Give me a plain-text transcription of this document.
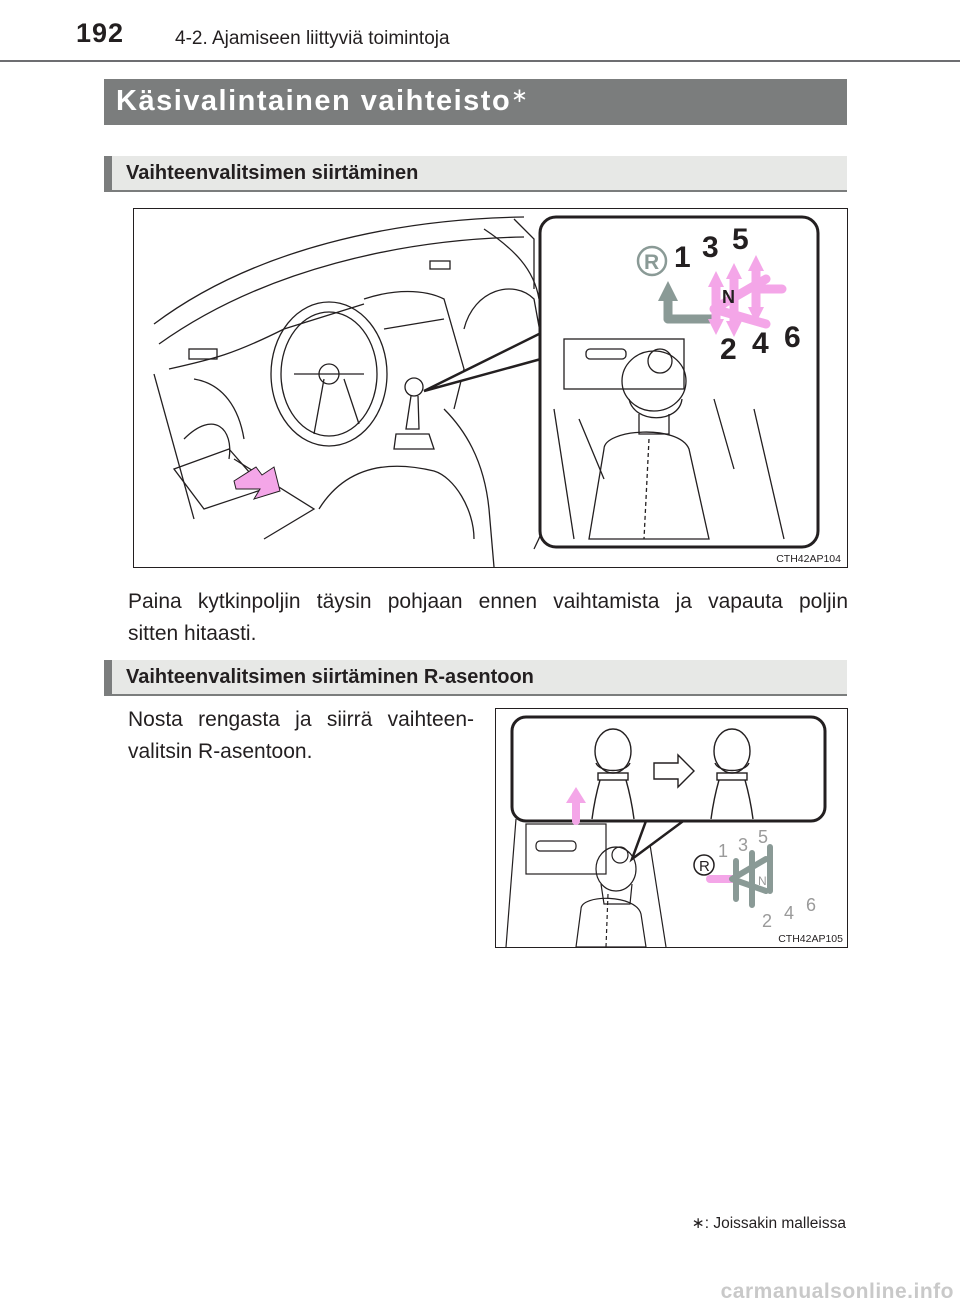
192	4-2. Ajamiseen liittyviä toimintoja
Käsivalintainen vaihteisto∗
Vaihteenvalitsimen siirtäminen
R 1 3 5
N
2 4 6
CTH42AP104
Paina kytkinpoljin täysin pohjaan ennen vaihtamista ja vapauta poljin
sitten hitaasti.
Vaihteenvalitsimen siirtäminen R-asentoon
Nosta rengasta ja siirrä vaihteen-
valitsin R-asentoon.
R
1 3 5
N
2 4 6
CTH42AP105
∗: Joissakin malleissa
carmanualsonline.info
